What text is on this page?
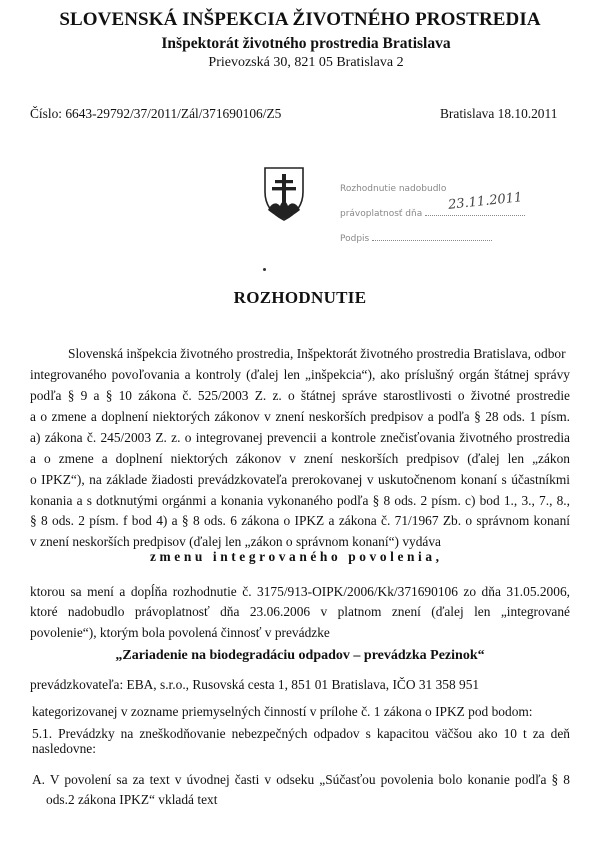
SLOVENSKÁ INŠPEKCIA ŽIVOTNÉHO PROSTREDIA
Inšpektorát životného prostredia Bratislava
Prievozská 30, 821 05 Bratislava 2
Číslo: 6643-29792/37/2011/Zál/371690106/Z5	Bratislava 18.10.2011
Rozhodnutie nadobudlo
právoplatnosť dňa
Podpis
23.11.2011
ROZHODNUTIE
Slovenská inšpekcia životného prostredia, Inšpektorát životného prostredia Bratislava, odbor
integrovaného povoľovania a kontroly (ďalej len „inšpekcia“), ako príslušný orgán štátnej správy
podľa § 9 a § 10 zákona č. 525/2003 Z. z. o štátnej správe starostlivosti o životné prostredie
a o zmene a doplnení niektorých zákonov v znení neskorších predpisov a podľa § 28 ods. 1 písm.
a) zákona č. 245/2003 Z. z. o integrovanej prevencii a kontrole znečisťovania životného prostredia
a o zmene a doplnení niektorých zákonov v znení neskorších predpisov (ďalej len „zákon
o IPKZ“), na základe žiadosti prevádzkovateľa prerokovanej v uskutočnenom konaní s účastníkmi
konania a s dotknutými orgánmi a konania vykonaného podľa § 8 ods. 2 písm. c) bod 1., 3., 7., 8.,
§ 8 ods. 2 písm. f bod 4) a § 8 ods. 6 zákona o IPKZ a zákona č. 71/1967 Zb. o správnom konaní
v znení neskorších predpisov (ďalej len „zákon o správnom konaní“) vydáva
zmenu integrovaného povolenia,
ktorou sa mení a dopĺňa rozhodnutie č. 3175/913-OIPK/2006/Kk/371690106 zo dňa 31.05.2006,
ktoré nadobudlo právoplatnosť dňa 23.06.2006 v platnom znení (ďalej len „integrované
povolenie“), ktorým bola povolená činnosť v prevádzke
„Zariadenie na biodegradáciu odpadov – prevádzka Pezinok“
prevádzkovateľa: EBA, s.r.o., Rusovská cesta 1, 851 01 Bratislava, IČO 31 358 951
kategorizovanej v zozname priemyselných činností v prílohe č. 1 zákona o IPKZ pod bodom:
5.1. Prevádzky na zneškodňovanie nebezpečných odpadov s kapacitou väčšou ako 10 t za deň
nasledovne:
A. V povolení sa za text v úvodnej časti v odseku „Súčasťou povolenia bolo konanie podľa § 8
ods.2 zákona IPKZ“ vkladá text
